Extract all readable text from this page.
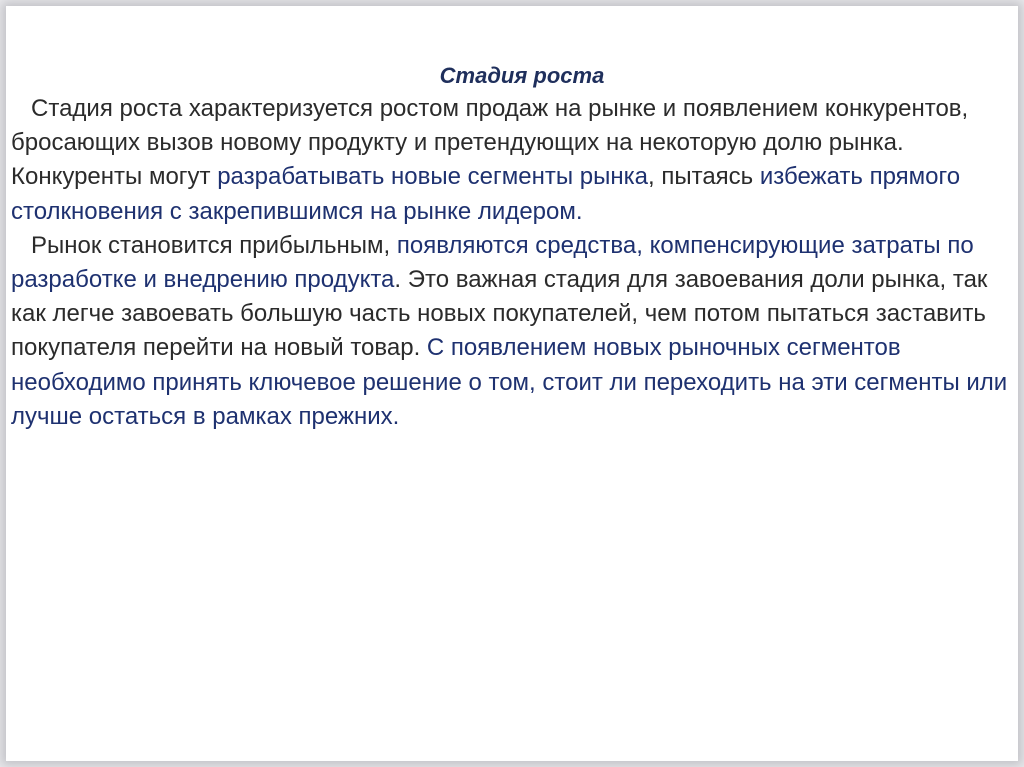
Стадия роста

Стадия роста характеризуется ростом продаж на рынке и появлением конкурентов, бросающих вызов новому продукту и претендующих на некоторую долю рынка. Конкуренты могут разрабатывать новые сегменты рынка, пытаясь избежать прямого столкновения с закрепившимся на рынке лидером.

Рынок становится прибыльным, появляются средства, компенсирующие затраты по разработке и внедрению продукта. Это важная стадия для завоевания доли рынка, так как легче завоевать большую часть новых покупателей, чем потом пытаться заставить покупателя перейти на новый товар. С появлением новых рыночных сегментов необходимо принять ключевое решение о том, стоит ли переходить на эти сегменты или лучше остаться в рамках прежних.
